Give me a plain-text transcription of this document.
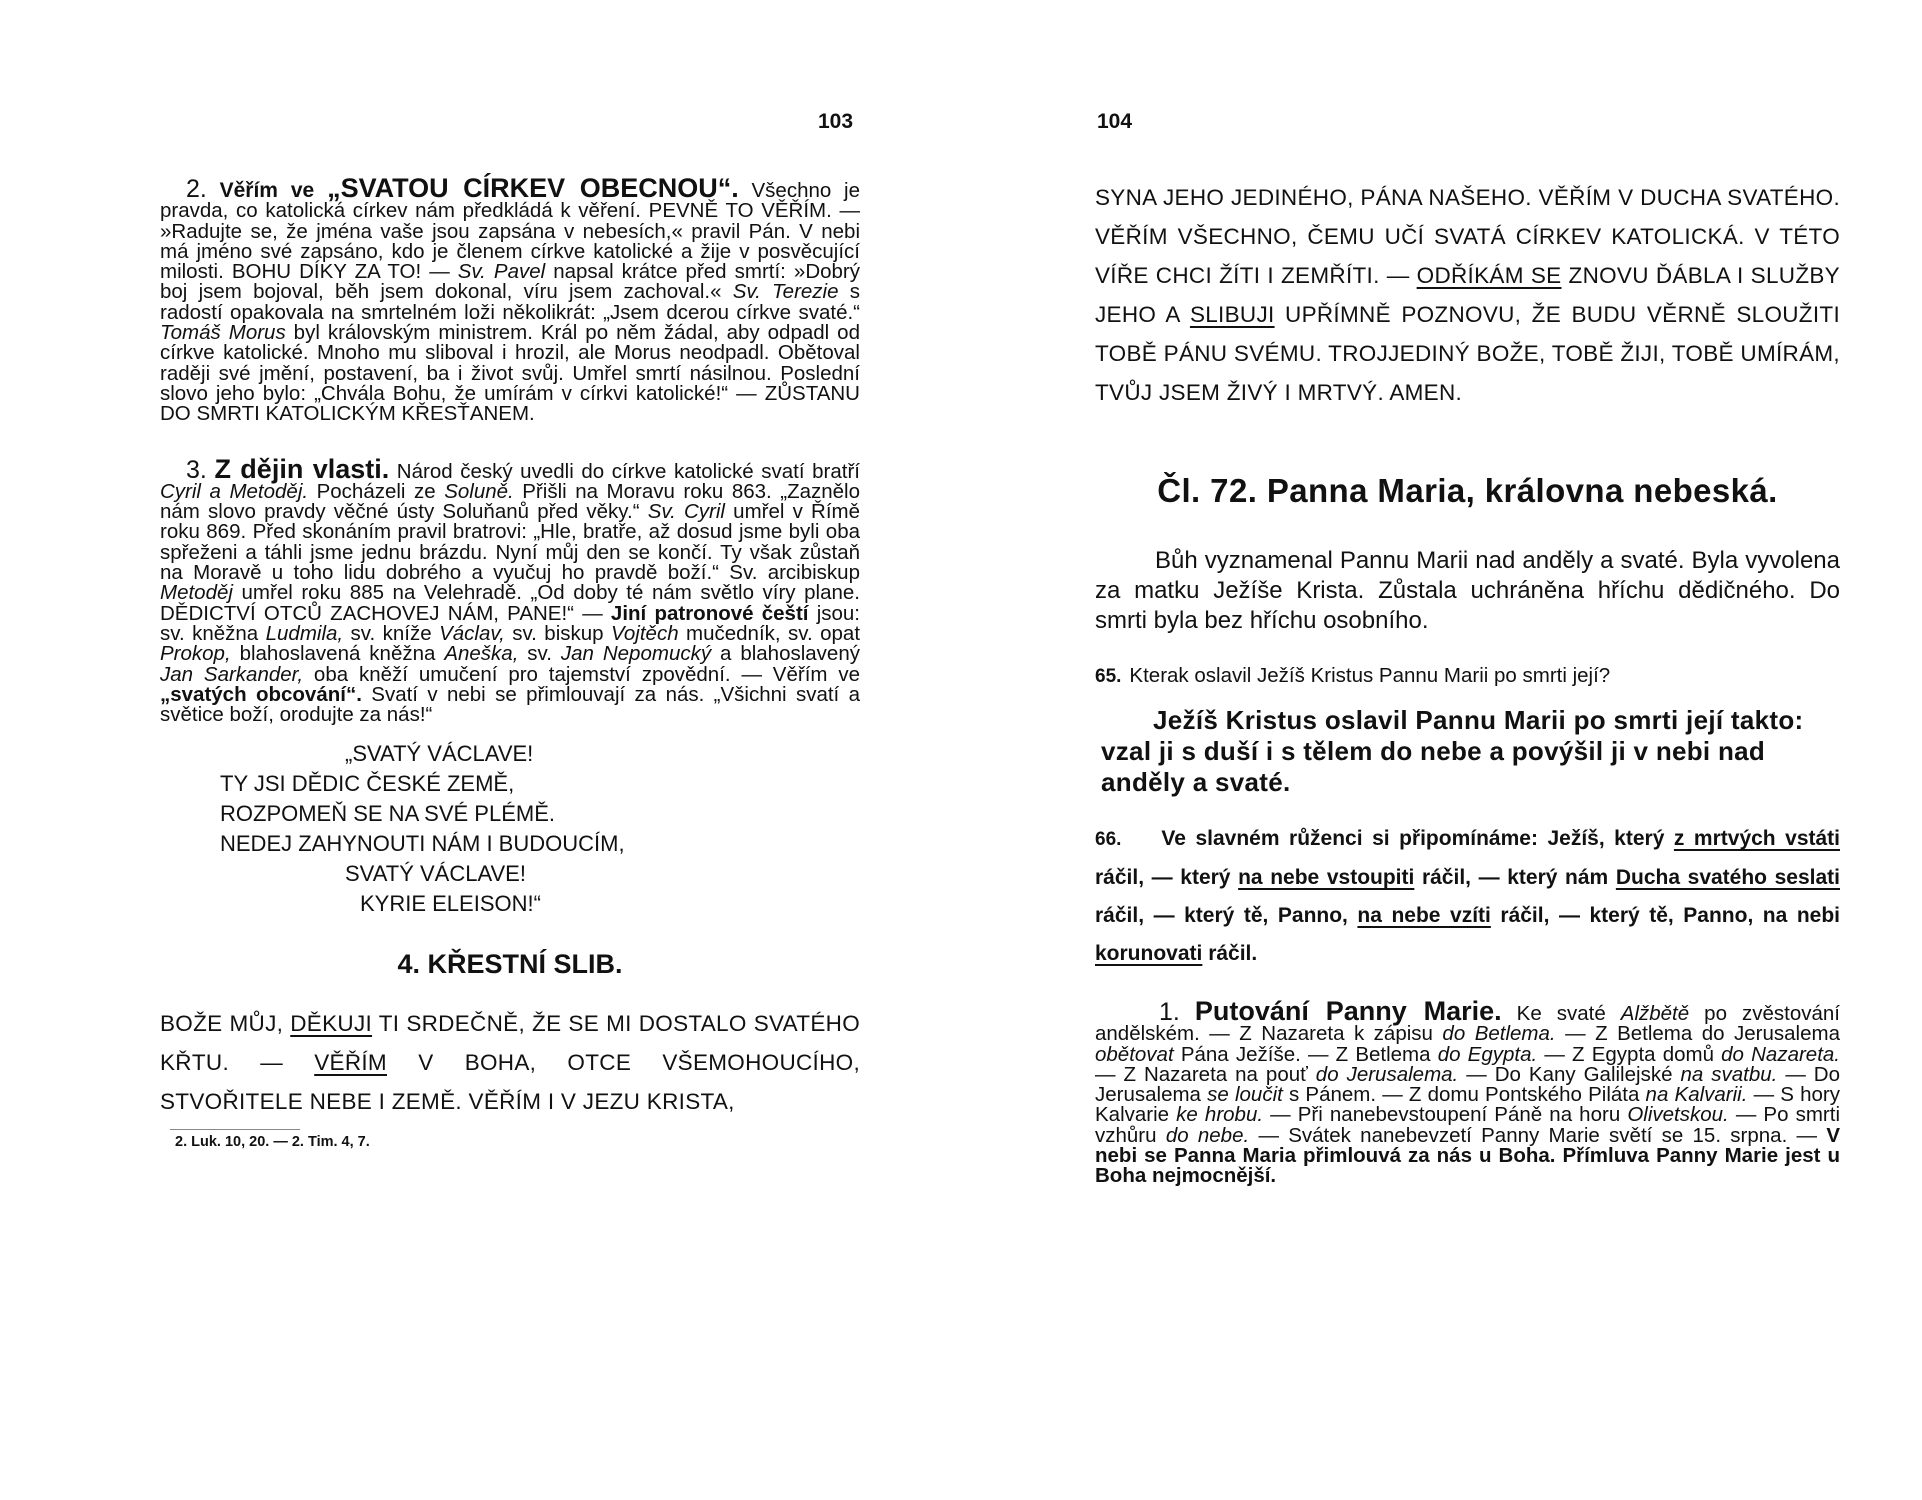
103

2. Věřím ve „SVATOU CÍRKEV OBECNOU“. Všechno je pravda, co katolická církev nám předkládá k věření. PEVNĚ TO VĚŘÍM. — »Radujte se, že jména vaše jsou zapsána v nebesích,« pravil Pán. V nebi má jméno své zapsáno, kdo je členem církve katolické a žije v posvěcující milosti. BOHU DÍKY ZA TO! — Sv. Pavel napsal krátce před smrtí: »Dobrý boj jsem bojoval, běh jsem dokonal, víru jsem zachoval.« Sv. Terezie s radostí opakovala na smrtelném loži několikrát: „Jsem dcerou církve svaté.“ Tomáš Morus byl královským ministrem. Král po něm žádal, aby odpadl od církve katolické. Mnoho mu sliboval i hrozil, ale Morus neodpadl. Obětoval raději své jmění, postavení, ba i život svůj. Umřel smrtí násilnou. Poslední slovo jeho bylo: „Chvála Bohu, že umírám v církvi katolické!“ — ZŮSTANU DO SMRTI KATOLICKÝM KŘESŤANEM.

3. Z dějin vlasti. Národ český uvedli do církve katolické svatí bratří Cyril a Metoděj. Pocházeli ze Soluně. Přišli na Moravu roku 863. „Zaznělo nám slovo pravdy věčné ústy Soluňanů před věky.“ Sv. Cyril umřel v Římě roku 869. Před skonáním pravil bratrovi: „Hle, bratře, až dosud jsme byli oba spřeženi a táhli jsme jednu brázdu. Nyní můj den se končí. Ty však zůstaň na Moravě u toho lidu dobrého a vyučuj ho pravdě boží.“ Sv. arcibiskup Metoděj umřel roku 885 na Velehradě. „Od doby té nám světlo víry plane. DĚDICTVÍ OTCŮ ZACHOVEJ NÁM, PANE!“ — Jiní patronové čeští jsou: sv. kněžna Ludmila, sv. kníže Václav, sv. biskup Vojtěch mučedník, sv. opat Prokop, blahoslavená kněžna Aneška, sv. Jan Nepomucký a blahoslavený Jan Sarkander, oba kněží umučení pro tajemství zpovědní. — Věřím ve „svatých obcování“. Svatí v nebi se přimlouvají za nás. „Všichni svatí a světice boží, orodujte za nás!“

„SVATÝ VÁCLAVE!
TY JSI DĚDIC ČESKÉ ZEMĚ,
ROZPOMEŇ SE NA SVÉ PLÉMĚ.
NEDEJ ZAHYNOUTI NÁM I BUDOUCÍM,
SVATÝ VÁCLAVE!
KYRIE ELEISON!“
4. KŘESTNÍ SLIB.

BOŽE MŮJ, DĚKUJI TI SRDEČNĚ, ŽE SE MI DOSTALO SVATÉHO KŘTU. — VĚŘÍM V BOHA, OTCE VŠEMOHOUCÍHO, STVOŘITELE NEBE I ZEMĚ. VĚŘÍM I V JEZU KRISTA,

2. Luk. 10, 20. — 2. Tim. 4, 7.
104

SYNA JEHO JEDINÉHO, PÁNA NAŠEHO. VĚŘÍM V DUCHA SVATÉHO. VĚŘÍM VŠECHNO, ČEMU UČÍ SVATÁ CÍRKEV KATOLICKÁ. V TÉTO VÍŘE CHCI ŽÍTI I ZEMŘÍTI. — ODŘÍKÁM SE ZNOVU ĎÁBLA I SLUŽBY JEHO A SLIBUJI UPŘÍMNĚ POZNOVU, ŽE BUDU VĚRNĚ SLOUŽITI TOBĚ PÁNU SVÉMU. TROJJEDINÝ BOŽE, TOBĚ ŽIJI, TOBĚ UMÍRÁM, TVŮJ JSEM ŽIVÝ I MRTVÝ. AMEN.

Čl. 72. Panna Maria, královna nebeská.

Bůh vyznamenal Pannu Marii nad anděly a svaté. Byla vyvolena za matku Ježíše Krista. Zůstala uchráněna hříchu dědičného. Do smrti byla bez hříchu osobního.

65. Kterak oslavil Ježíš Kristus Pannu Marii po smrti její?

Ježíš Kristus oslavil Pannu Marii po smrti její takto: vzal ji s duší i s tělem do nebe a povýšil ji v nebi nad anděly a svaté.

66. Ve slavném růženci si připomínáme: Ježíš, který z mrtvých vstáti ráčil, — který na nebe vstoupiti ráčil, — který nám Ducha svatého seslati ráčil, — který tě, Panno, na nebe vzíti ráčil, — který tě, Panno, na nebi korunovati ráčil.

1. Putování Panny Marie. Ke svaté Alžbětě po zvěstování andělském. — Z Nazareta k zápisu do Betlema. — Z Betlema do Jerusalema obětovat Pána Ježíše. — Z Betlema do Egypta. — Z Egypta domů do Nazareta. — Z Nazareta na pouť do Jerusalema. — Do Kany Galilejské na svatbu. — Do Jerusalema se loučit s Pánem. — Z domu Pontského Piláta na Kalvarii. — S hory Kalvarie ke hrobu. — Při nanebevstoupení Páně na horu Olivetskou. — Po smrti vzhůru do nebe. — Svátek nanebevzetí Panny Marie světí se 15. srpna. — V nebi se Panna Maria přimlouvá za nás u Boha. Přímluva Panny Marie jest u Boha nejmocnější.
